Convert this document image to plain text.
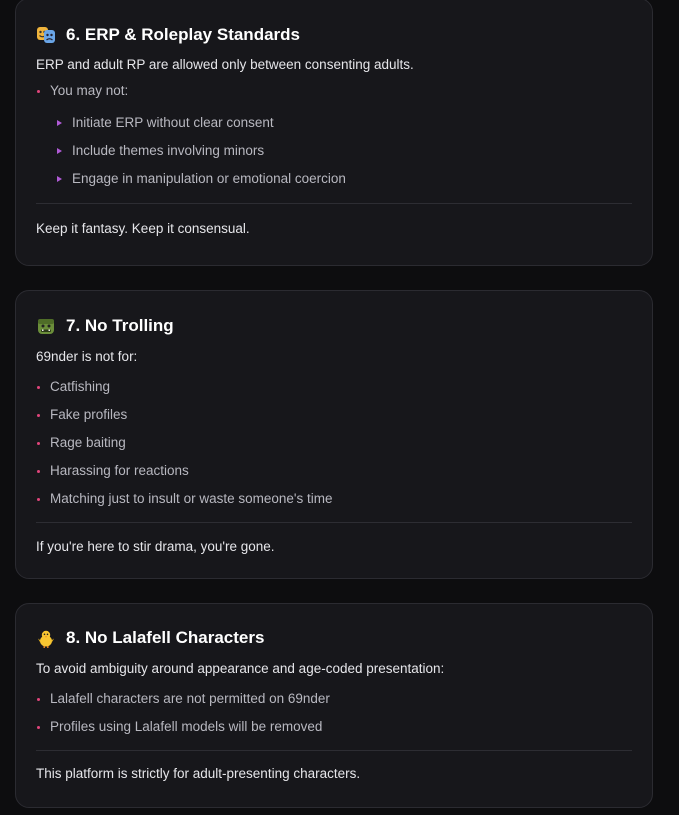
6. ERP & Roleplay Standards
ERP and adult RP are allowed only between consenting adults.
You may not:
Initiate ERP without clear consent
Include themes involving minors
Engage in manipulation or emotional coercion
Keep it fantasy. Keep it consensual.
7. No Trolling
69nder is not for:
Catfishing
Fake profiles
Rage baiting
Harassing for reactions
Matching just to insult or waste someone's time
If you're here to stir drama, you're gone.
8. No Lalafell Characters
To avoid ambiguity around appearance and age-coded presentation:
Lalafell characters are not permitted on 69nder
Profiles using Lalafell models will be removed
This platform is strictly for adult-presenting characters.
